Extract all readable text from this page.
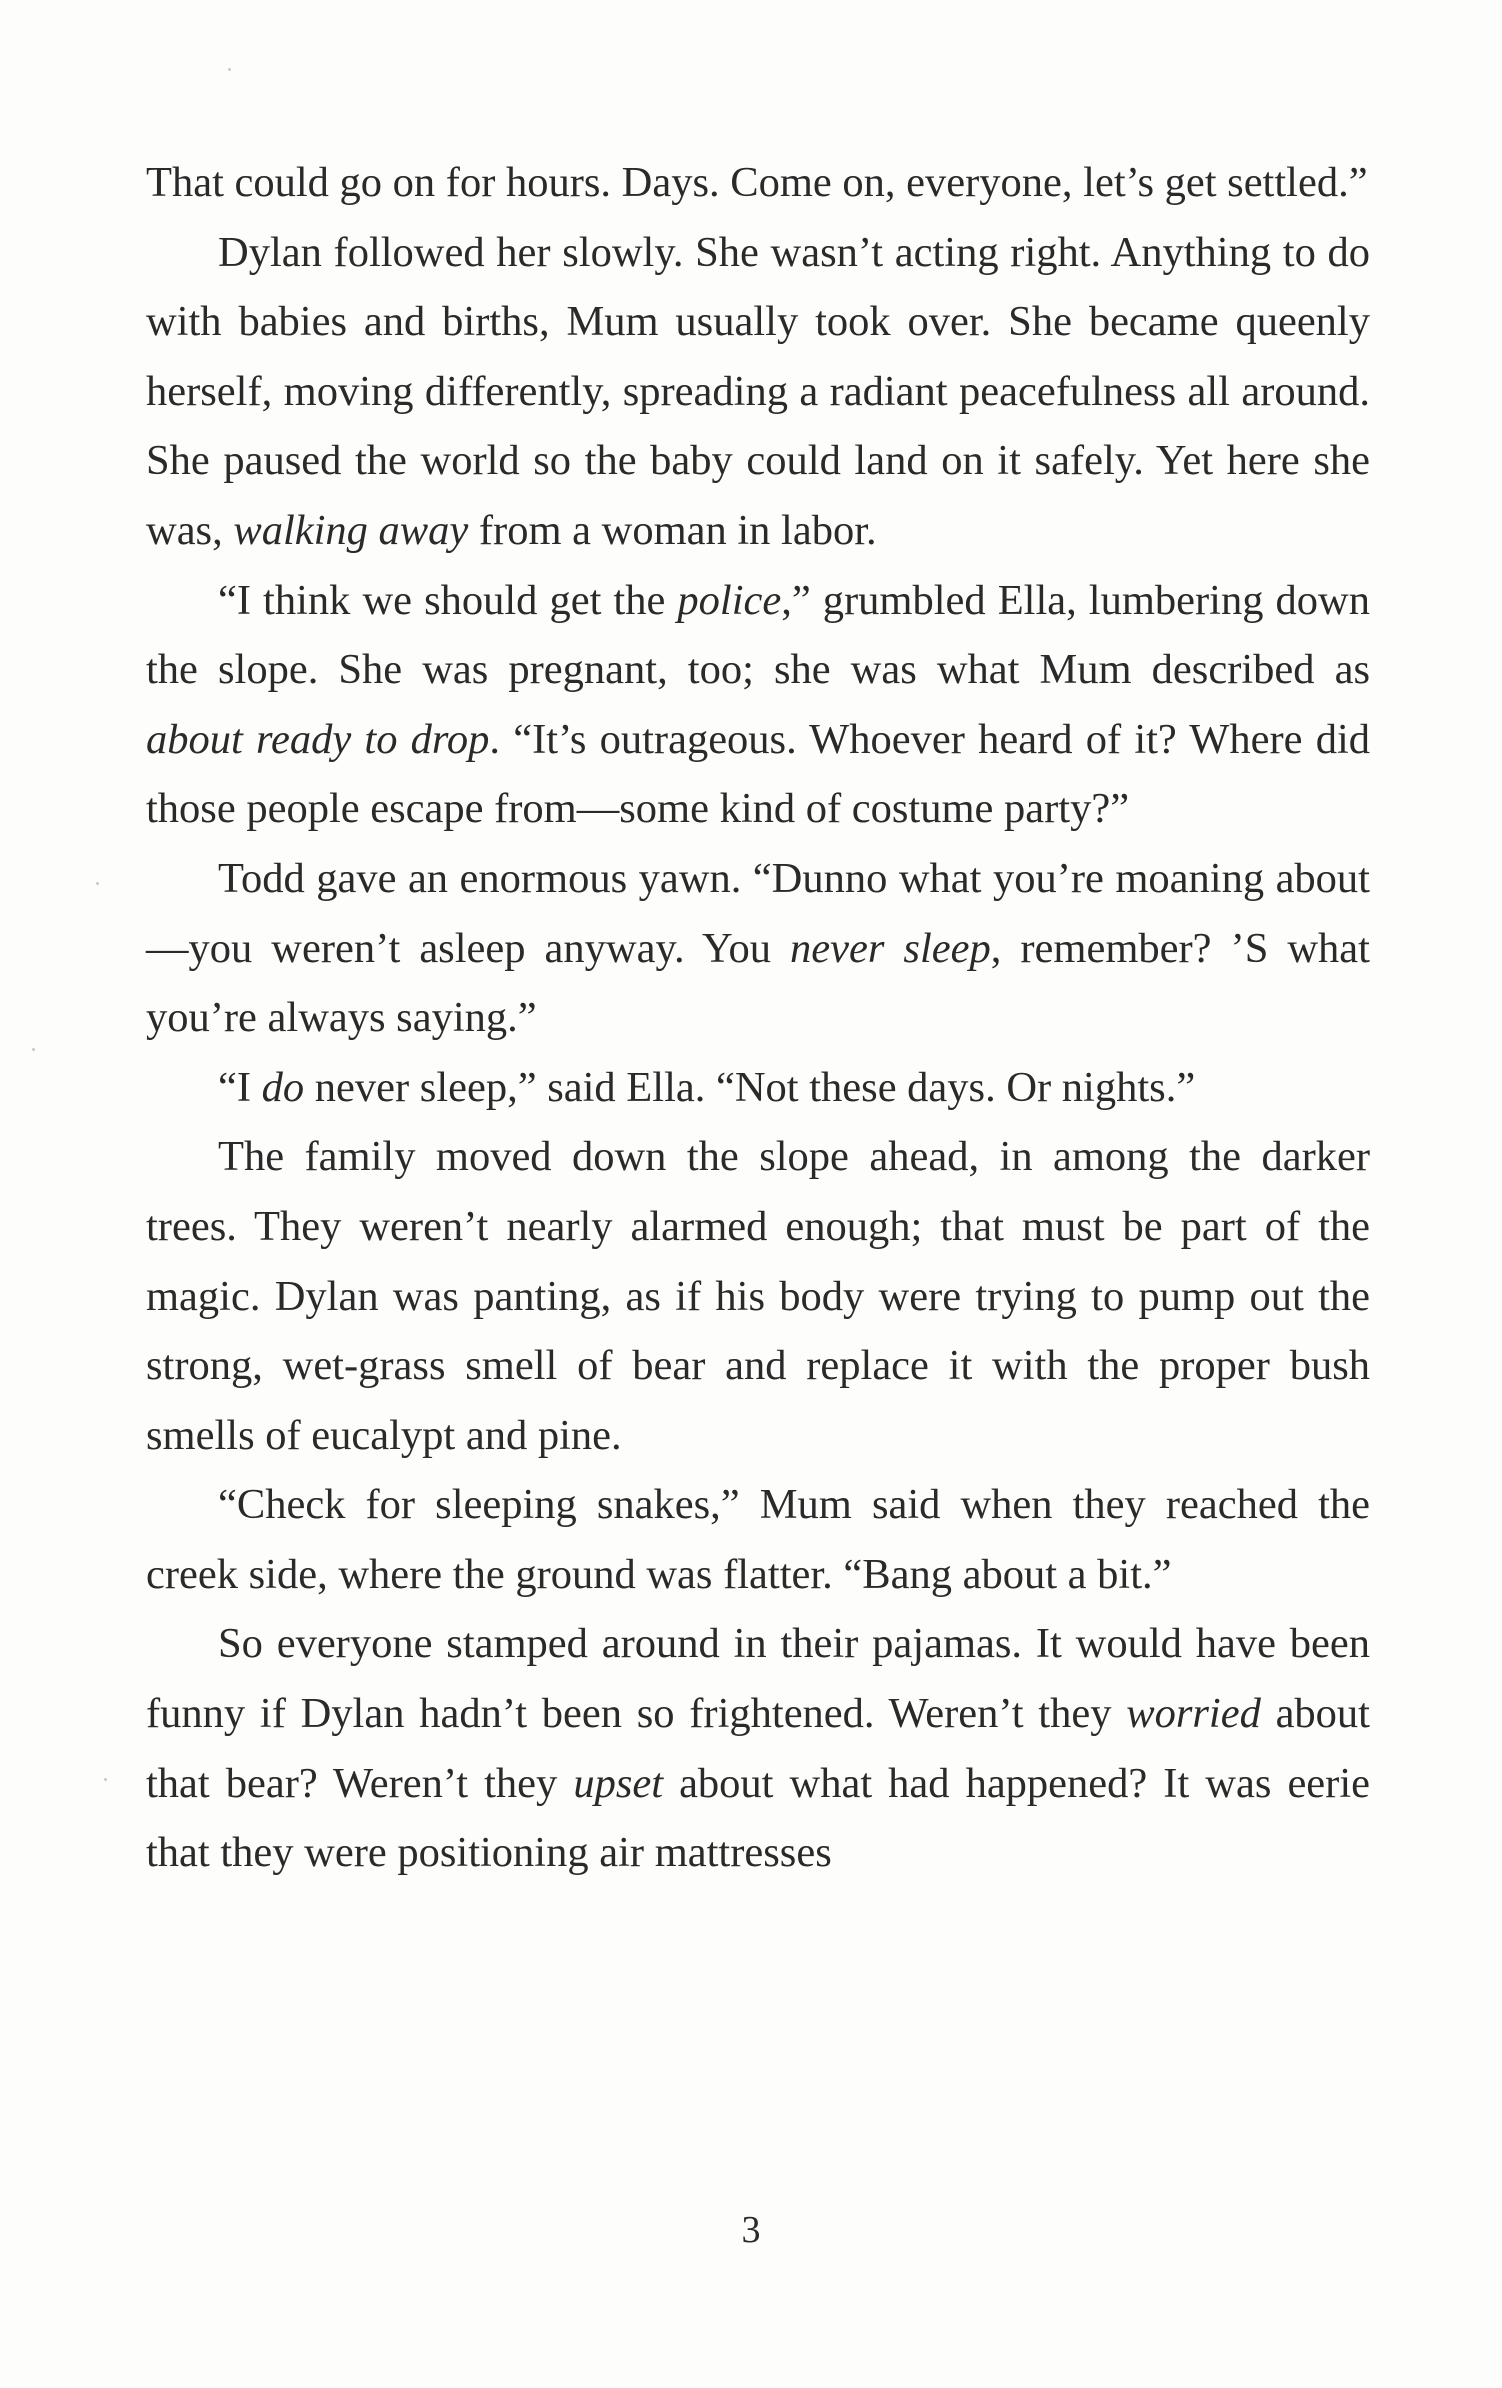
That could go on for hours. Days. Come on, everyone, let’s get settled.”

Dylan followed her slowly. She wasn’t acting right. Anything to do with babies and births, Mum usually took over. She became queenly herself, moving differently, spreading a radiant peacefulness all around. She paused the world so the baby could land on it safely. Yet here she was, walking away from a woman in labor.

“I think we should get the police,” grumbled Ella, lumbering down the slope. She was pregnant, too; she was what Mum described as about ready to drop. “It’s outrageous. Whoever heard of it? Where did those people escape from—some kind of costume party?”

Todd gave an enormous yawn. “Dunno what you’re moaning about—you weren’t asleep anyway. You never sleep, remember? ’S what you’re always saying.”

“I do never sleep,” said Ella. “Not these days. Or nights.”

The family moved down the slope ahead, in among the darker trees. They weren’t nearly alarmed enough; that must be part of the magic. Dylan was panting, as if his body were trying to pump out the strong, wet-grass smell of bear and replace it with the proper bush smells of eucalypt and pine.

“Check for sleeping snakes,” Mum said when they reached the creek side, where the ground was flatter. “Bang about a bit.”

So everyone stamped around in their pajamas. It would have been funny if Dylan hadn’t been so frightened. Weren’t they worried about that bear? Weren’t they upset about what had happened? It was eerie that they were positioning air mattresses

3
